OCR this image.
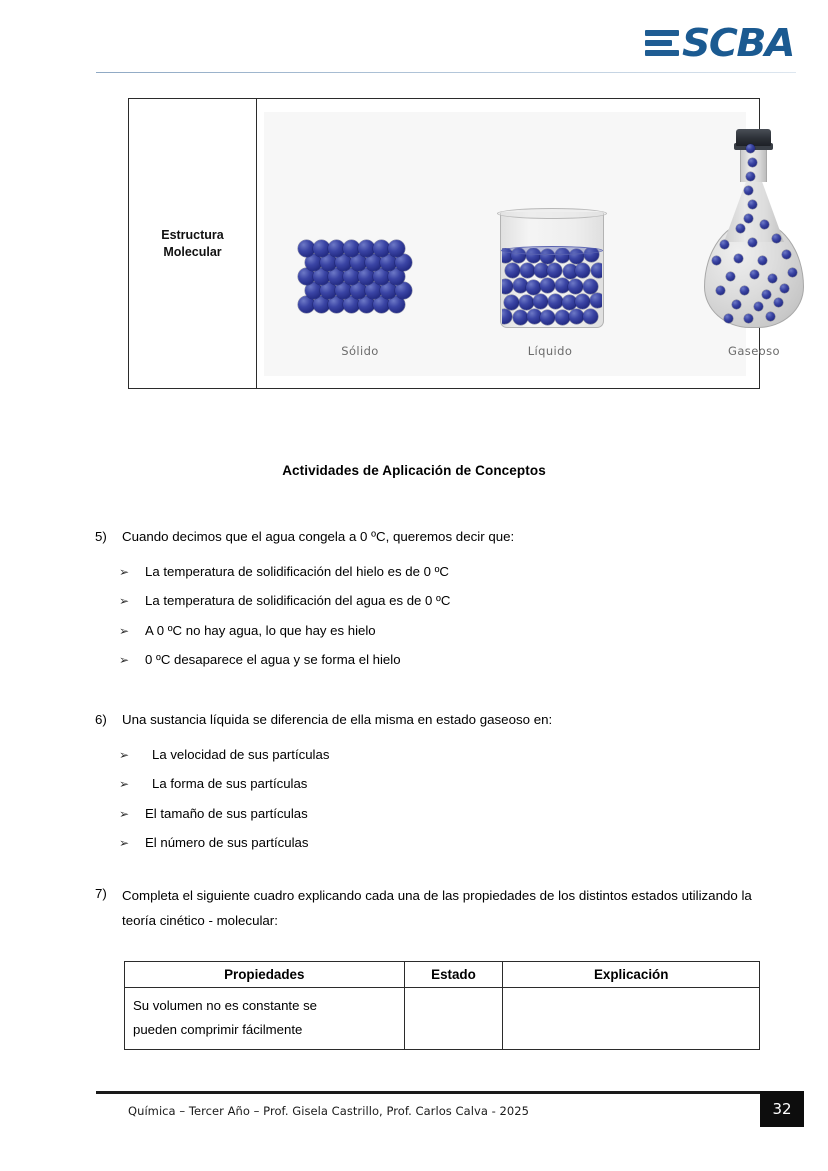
SCBA
Estructura
Molecular
Sólido	Líquido	Gaseoso
Actividades de Aplicación de Conceptos
5)	Cuando decimos que el agua congela a 0 ºC, queremos decir que:
➢	La temperatura de solidificación del hielo es de 0 ºC
➢	La temperatura de solidificación del agua es de 0 ºC
➢	A 0 ºC no hay agua, lo que hay es hielo
➢	0 ºC desaparece el agua y se forma el hielo
6)	Una sustancia líquida se diferencia de ella misma en estado gaseoso en:
➢	La velocidad de sus partículas
➢	La forma de sus partículas
➢	El tamaño de sus partículas
➢	El número de sus partículas
7)	Completa el siguiente cuadro explicando cada una de las propiedades de los distintos estados utilizando la teoría cinético - molecular:
Propiedades	Estado	Explicación
Su volumen no es constante se
pueden comprimir fácilmente		
Química – Tercer Año – Prof. Gisela Castrillo, Prof. Carlos Calva - 2025	32
